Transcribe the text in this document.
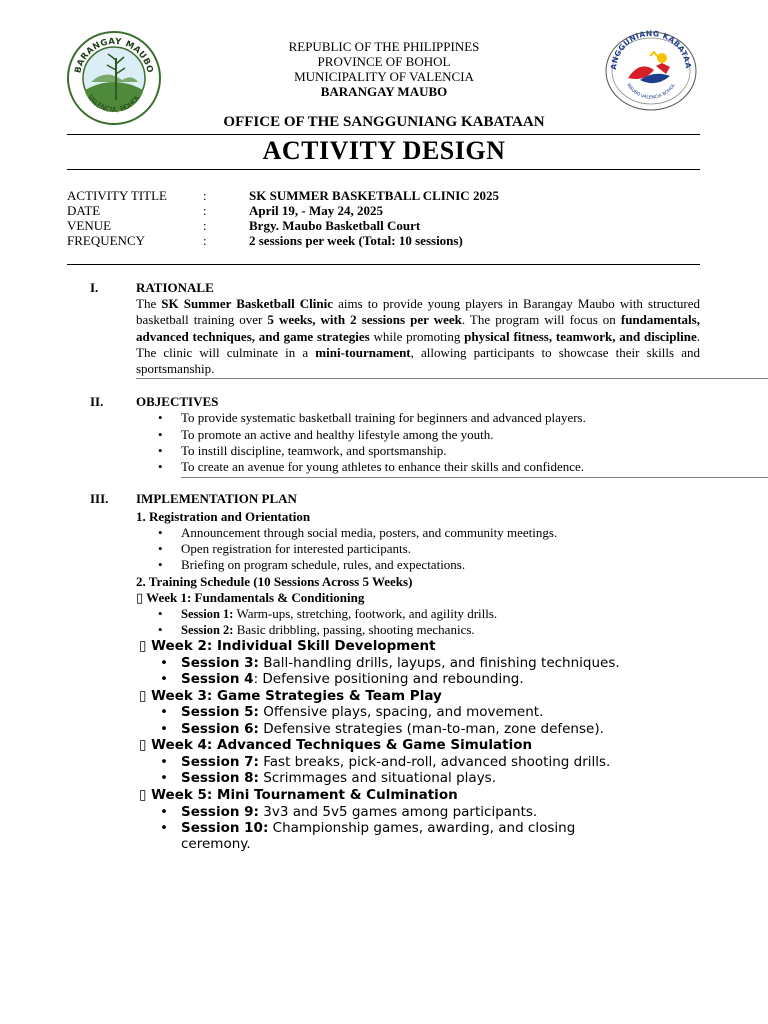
BARANGAY MAUBO
VALENCIA, BOHOL
ANGGUNIANG KABATAA
MAUBO VALENCIA BOHOL
REPUBLIC OF THE PHILIPPINES
PROVINCE OF BOHOL
MUNICIPALITY OF VALENCIA
BARANGAY MAUBO
OFFICE OF THE SANGGUNIANG KABATAAN
ACTIVITY DESIGN
ACTIVITY TITLE	:	SK SUMMER BASKETBALL CLINIC 2025
DATE	:	April 19, - May 24, 2025
VENUE	:	Brgy. Maubo Basketball Court
FREQUENCY	:	2 sessions per week (Total: 10 sessions)
I.	RATIONALE
The SK Summer Basketball Clinic aims to provide young players in Barangay Maubo with structured basketball training over 5 weeks, with 2 sessions per week. The program will focus on fundamentals, advanced techniques, and game strategies while promoting physical fitness, teamwork, and discipline. The clinic will culminate in a mini-tournament, allowing participants to showcase their skills and sportsmanship.
II.	OBJECTIVES
• To provide systematic basketball training for beginners and advanced players.
• To promote an active and healthy lifestyle among the youth.
• To instill discipline, teamwork, and sportsmanship.
• To create an avenue for young athletes to enhance their skills and confidence.
III. IMPLEMENTATION PLAN
1. Registration and Orientation
• Announcement through social media, posters, and community meetings.
• Open registration for interested participants.
• Briefing on program schedule, rules, and expectations.
2. Training Schedule (10 Sessions Across 5 Weeks)
▯ Week 1: Fundamentals & Conditioning
• Session 1: Warm-ups, stretching, footwork, and agility drills.
• Session 2: Basic dribbling, passing, shooting mechanics.
▯ Week 2: Individual Skill Development
• Session 3: Ball-handling drills, layups, and finishing techniques.
• Session 4: Defensive positioning and rebounding.
▯ Week 3: Game Strategies & Team Play
• Session 5: Offensive plays, spacing, and movement.
• Session 6: Defensive strategies (man-to-man, zone defense).
▯ Week 4: Advanced Techniques & Game Simulation
• Session 7: Fast breaks, pick-and-roll, advanced shooting drills.
• Session 8: Scrimmages and situational plays.
▯ Week 5: Mini Tournament & Culmination
• Session 9: 3v3 and 5v5 games among participants.
• Session 10: Championship games, awarding, and closing
ceremony.
